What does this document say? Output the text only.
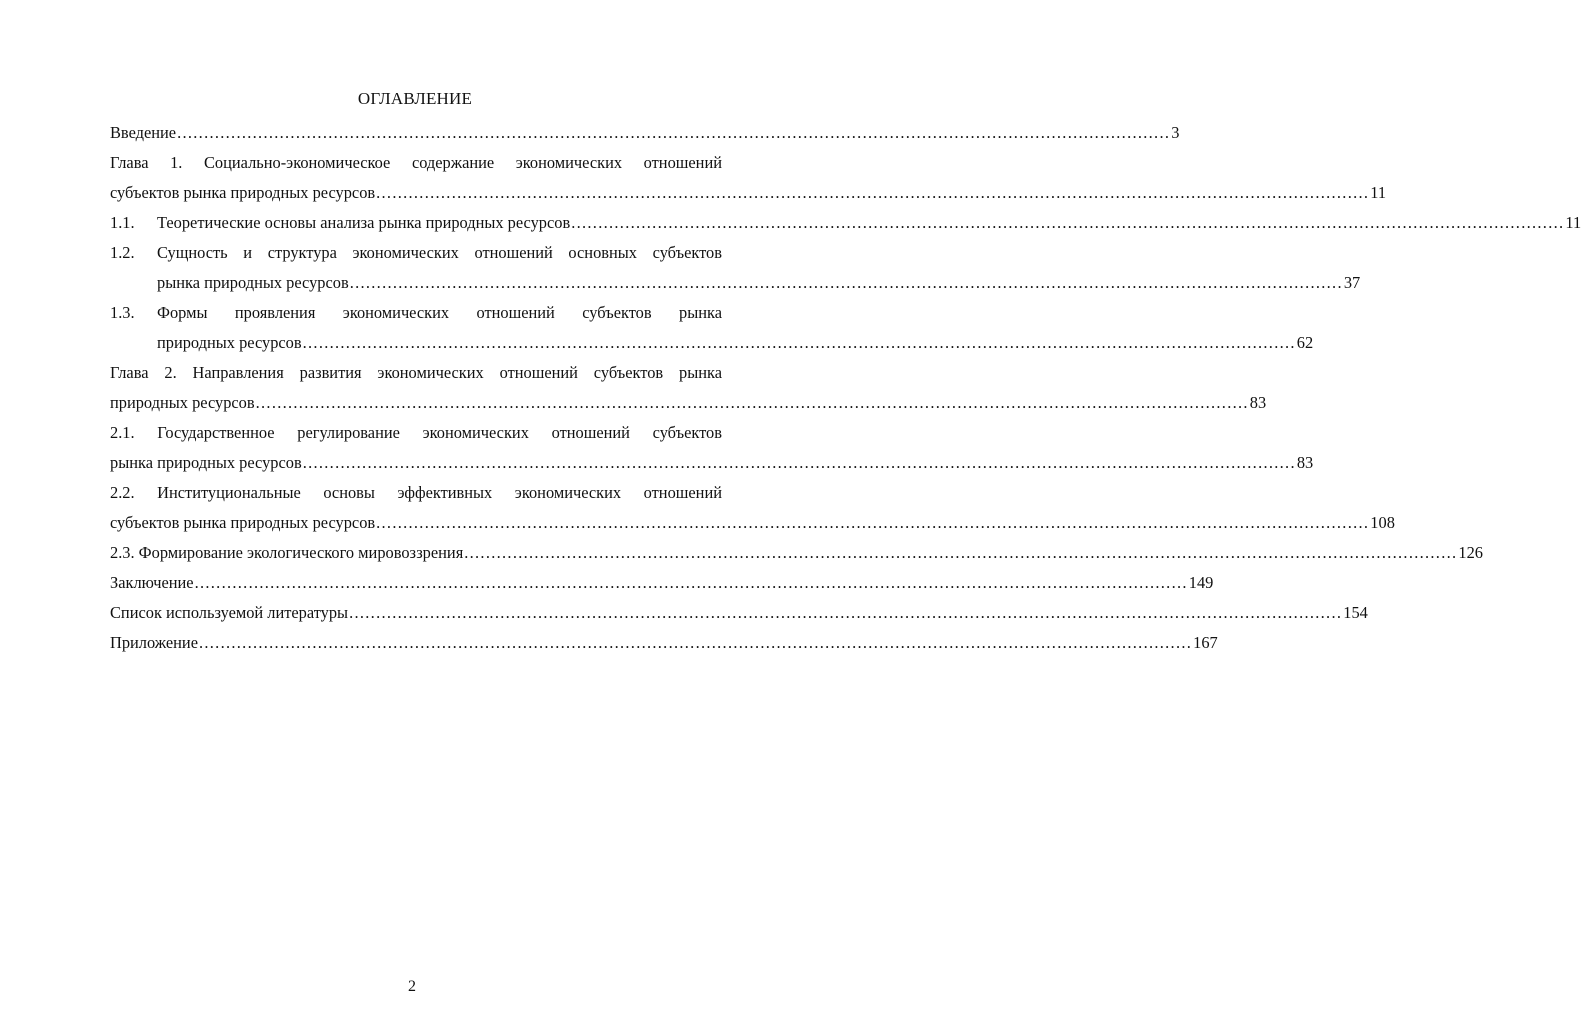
ОГЛАВЛЕНИЕ
Введение .....	3
Глава 1. Социально-экономическое содержание экономических отношений
субъектов рынка природных ресурсов .....	11
1.1.	Теоретические основы анализа рынка природных ресурсов .....	11
1.2.	Сущность и структура экономических отношений основных субъектов
рынка природных ресурсов .....	37
1.3.	Формы проявления экономических отношений субъектов рынка
природных ресурсов .....	62
Глава 2. Направления развития экономических отношений субъектов рынка
природных ресурсов .....	83
2.1. Государственное регулирование экономических отношений субъектов
рынка природных ресурсов .....	83
2.2. Институциональные основы эффективных экономических отношений
субъектов рынка природных ресурсов .....	108
2.3. Формирование экологического мировоззрения .....	126
Заключение .....	149
Список используемой литературы .....	154
Приложение .....	167
2
